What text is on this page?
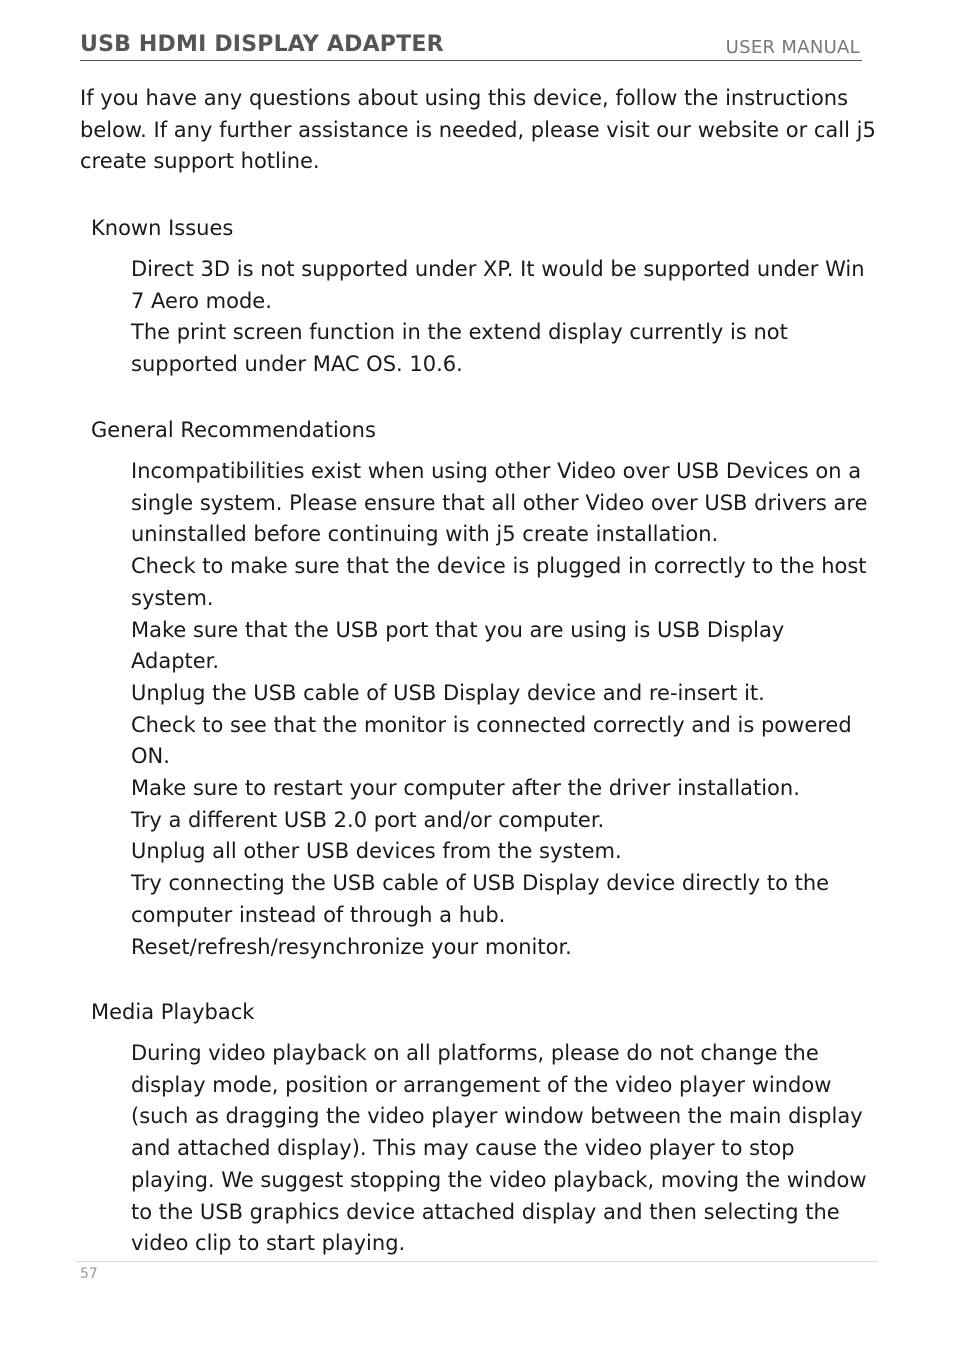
USB HDMI DISPLAY ADAPTER	USER MANUAL
If you have any questions about using this device, follow the instructions below. If any further assistance is needed, please visit our website or call j5 create support hotline.
Known Issues
Direct 3D is not supported under XP. It would be supported under Win 7 Aero mode.
The print screen function in the extend display currently is not supported under MAC OS. 10.6.
General Recommendations
Incompatibilities exist when using other Video over USB Devices on a single system. Please ensure that all other Video over USB drivers are uninstalled before continuing with j5 create installation.
Check to make sure that the device is plugged in correctly to the host system.
Make sure that the USB port that you are using is USB Display Adapter.
Unplug the USB cable of USB Display device and re-insert it.
Check to see that the monitor is connected correctly and is powered ON.
Make sure to restart your computer after the driver installation.
Try a different USB 2.0 port and/or computer.
Unplug all other USB devices from the system.
Try connecting the USB cable of USB Display device directly to the computer instead of through a hub.
Reset/refresh/resynchronize your monitor.
Media Playback
During video playback on all platforms, please do not change the display mode, position or arrangement of the video player window (such as dragging the video player window between the main display and attached display). This may cause the video player to stop playing. We suggest stopping the video playback, moving the window to the USB graphics device attached display and then selecting the video clip to start playing.
57
